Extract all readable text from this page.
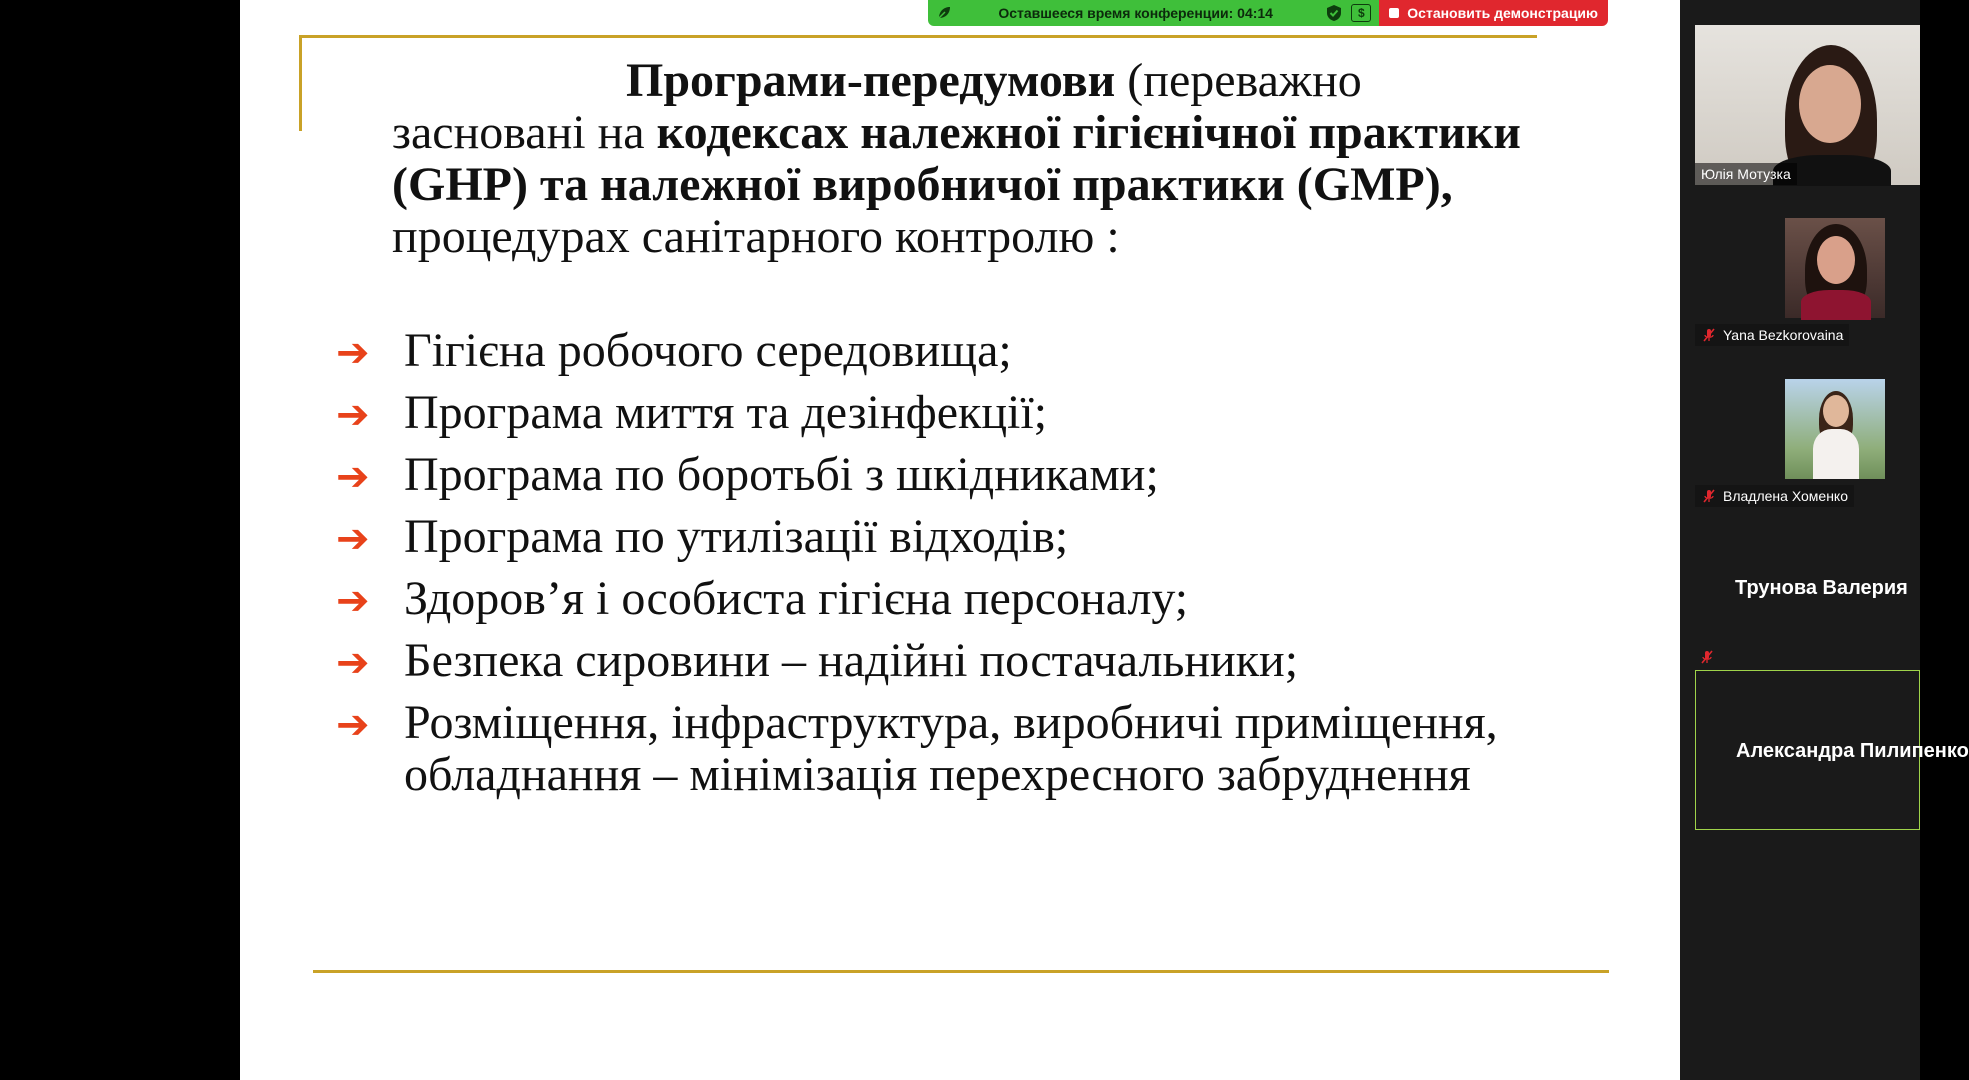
Програми-передумови (переважно засновані на кодексах належної гігієнічної практики (GHP) та належної виробничої практики (GMP), процедурах санітарного контролю :

➔ Гігієна робочого середовища;
➔ Програма миття та дезінфекції;
➔ Програма по боротьбі з шкідниками;
➔ Програма по утилізації відходів;
➔ Здоров’я і особиста гігієна персоналу;
➔ Безпека сировини – надійні постачальники;
➔ Розміщення, інфраструктура, виробничі приміщення, обладнання – мінімізація перехресного забруднення
Оставшееся время конференции: 04:14	$	Остановить демонстрацию
Юлія Мотузка
Yana Bezkorovaina
Владлена Хоменко
Трунова Валерия
Александра Пилипенко
